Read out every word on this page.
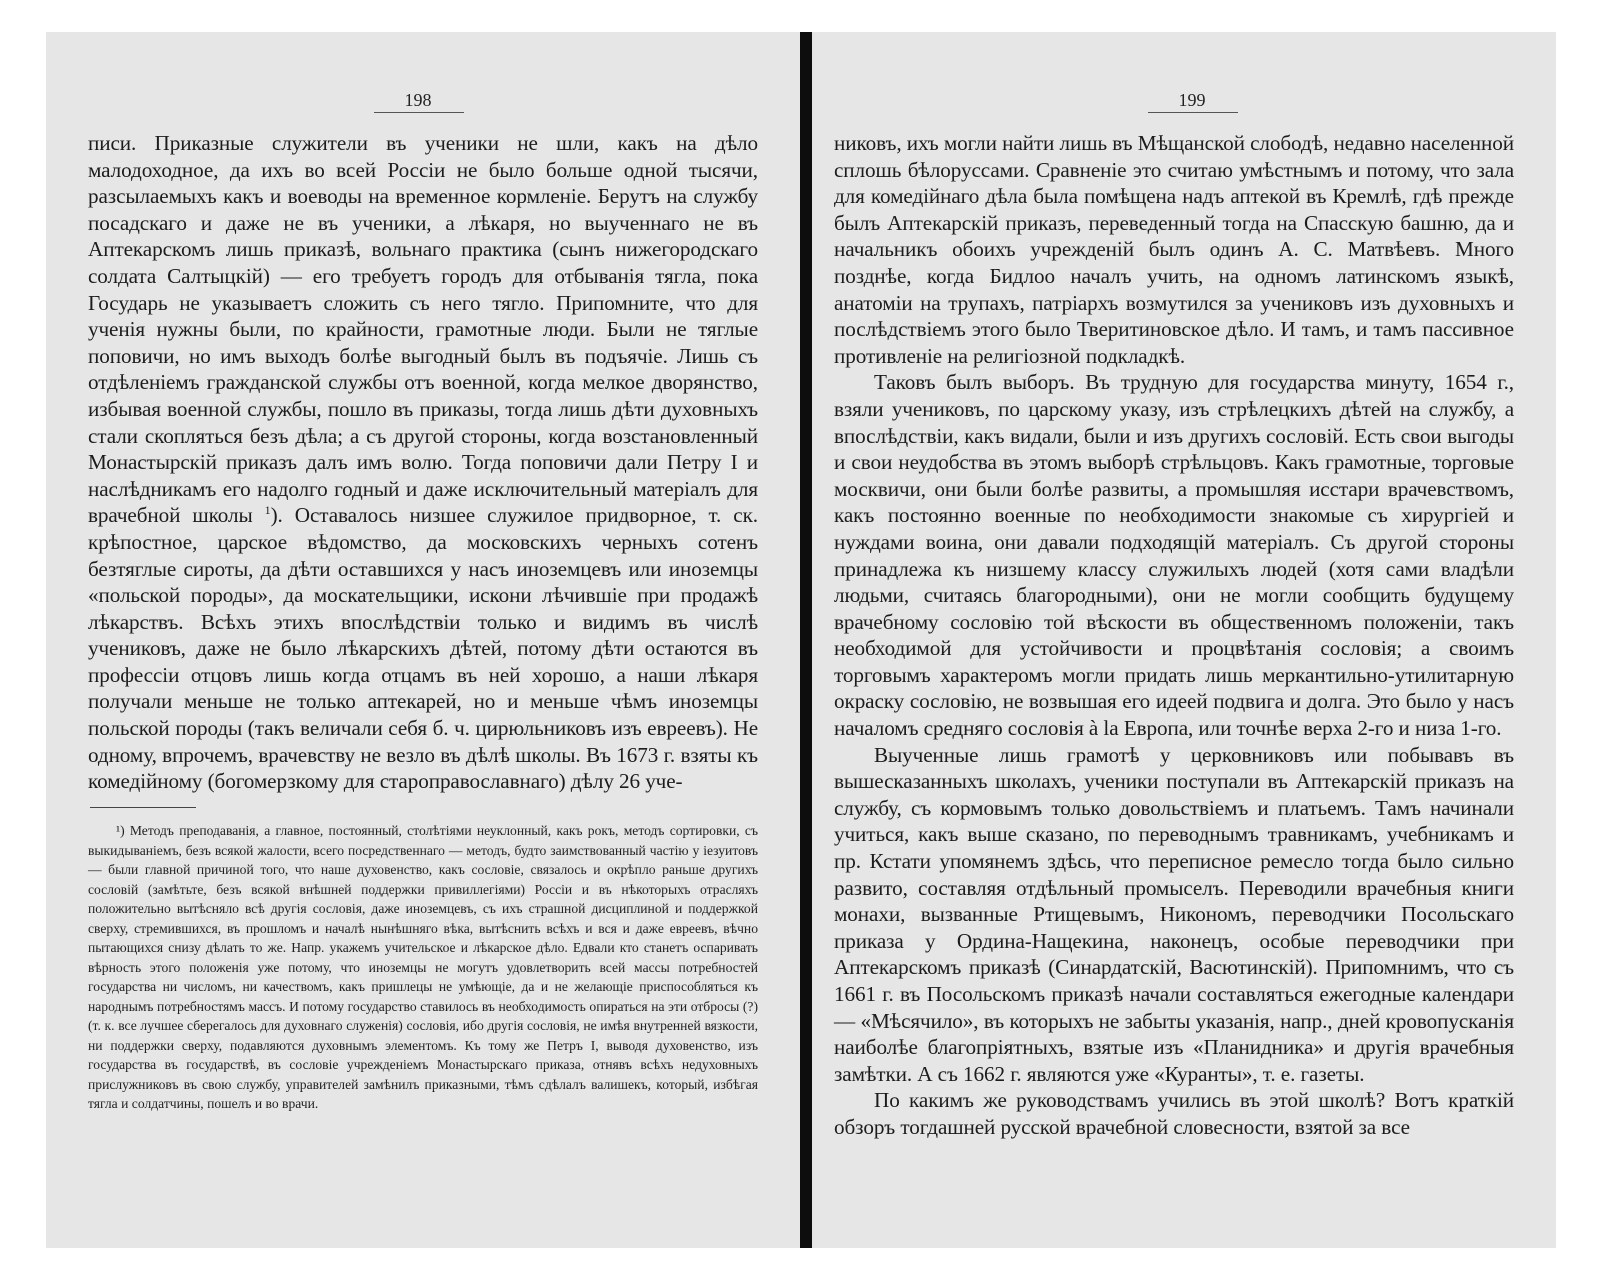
198

писи. Приказные служители въ ученики не шли, какъ на дѣло малодоходное, да ихъ во всей Россіи не было больше одной тысячи, разсылаемыхъ какъ и воеводы на временное кормленіе. Берутъ на службу посадскаго и даже не въ ученики, а лѣкаря, но выученнаго не въ Аптекарскомъ лишь приказѣ, вольнаго практика (сынъ нижегородскаго солдата Салтыцкій) — его требуетъ городъ для отбыванія тягла, пока Государь не указываетъ сложить съ него тягло. Припомните, что для ученія нужны были, по крайности, грамотные люди. Были не тяглые поповичи, но имъ выходъ болѣе выгодный былъ въ подъячіе. Лишь съ отдѣленіемъ гражданской службы отъ военной, когда мелкое дворянство, избывая военной службы, пошло въ приказы, тогда лишь дѣти духовныхъ стали скопляться безъ дѣла; а съ другой стороны, когда возстановленный Монастырскій приказъ далъ имъ волю. Тогда поповичи дали Петру I и наслѣдникамъ его надолго годный и даже исключительный матеріалъ для врачебной школы $^1$). Оставалось низшее служилое придворное, т. ск. крѣпостное, царское вѣдомство, да московскихъ черныхъ сотенъ безтяглые сироты, да дѣти оставшихся у насъ иноземцевъ или иноземцы «польской породы», да москательщики, искони лѣчившіе при продажѣ лѣкарствъ. Всѣхъ этихъ впослѣдствіи только и видимъ въ числѣ учениковъ, даже не было лѣкарскихъ дѣтей, потому дѣти остаются въ профессіи отцовъ лишь когда отцамъ въ ней хорошо, а наши лѣкаря получали меньше не только аптекарей, но и меньше чѣмъ иноземцы польской породы (такъ величали себя б. ч. цирюльниковъ изъ евреевъ). Не одному, впрочемъ, врачевству не везло въ дѣлѣ школы. Въ 1673 г. взяты къ комедійному (богомерзкому для староправославнаго) дѣлу 26 уче-

¹) Методъ преподаванія, а главное, постоянный, столѣтіями неуклонный, какъ рокъ, методъ сортировки, съ выкидываніемъ, безъ всякой жалости, всего посредственнаго — методъ, будто заимствованный частію у іезуитовъ — были главной причиной того, что наше духовенство, какъ сословіе, связалось и окрѣпло раньше другихъ сословій (замѣтьте, безъ всякой внѣшней поддержки привиллегіями) Россіи и въ нѣкоторыхъ отрасляхъ положительно вытѣсняло всѣ другія сословія, даже иноземцевъ, съ ихъ страшной дисциплиной и поддержкой сверху, стремившихся, въ прошломъ и началѣ нынѣшняго вѣка, вытѣснить всѣхъ и вся и даже евреевъ, вѣчно пытающихся снизу дѣлать то же. Напр. укажемъ учительское и лѣкарское дѣло. Едвали кто станетъ оспаривать вѣрность этого положенія уже потому, что иноземцы не могутъ удовлетворить всей массы потребностей государства ни числомъ, ни качествомъ, какъ пришлецы не умѣющіе, да и не желающіе приспособляться къ народнымъ потребностямъ массъ. И потому государство ставилось въ необходимость опираться на эти отбросы (?) (т. к. все лучшее сберегалось для духовнаго служенія) сословія, ибо другія сословія, не имѣя внутренней вязкости, ни поддержки сверху, подавляются духовнымъ элементомъ. Къ тому же Петръ I, выводя духовенство, изъ государства въ государствѣ, въ сословіе учрежденіемъ Монастырскаго приказа, отнявъ всѣхъ недуховныхъ прислужниковъ въ свою службу, управителей замѣнилъ приказными, тѣмъ сдѣлалъ валишекъ, который, избѣгая тягла и солдатчины, пошелъ и во врачи.

199

никовъ, ихъ могли найти лишь въ Мѣщанской слободѣ, недавно населенной сплошь бѣлоруссами. Сравненіе это считаю умѣстнымъ и потому, что зала для комедійнаго дѣла была помѣщена надъ аптекой въ Кремлѣ, гдѣ прежде былъ Аптекарскій приказъ, переведенный тогда на Спасскую башню, да и начальникъ обоихъ учрежденій былъ одинъ А. С. Матвѣевъ. Много позднѣе, когда Бидлоо началъ учить, на одномъ латинскомъ языкѣ, анатоміи на трупахъ, патріархъ возмутился за учениковъ изъ духовныхъ и послѣдствіемъ этого было Тверитиновское дѣло. И тамъ, и тамъ пассивное противленіе на религіозной подкладкѣ.

Таковъ былъ выборъ. Въ трудную для государства минуту, 1654 г., взяли учениковъ, по царскому указу, изъ стрѣлецкихъ дѣтей на службу, а впослѣдствіи, какъ видали, были и изъ другихъ сословій. Есть свои выгоды и свои неудобства въ этомъ выборѣ стрѣльцовъ. Какъ грамотные, торговые москвичи, они были болѣе развиты, а промышляя исстари врачевствомъ, какъ постоянно военные по необходимости знакомые съ хирургіей и нуждами воина, они давали подходящій матеріалъ. Съ другой стороны принадлежа къ низшему классу служилыхъ людей (хотя сами владѣли людьми, считаясь благородными), они не могли сообщить будущему врачебному сословію той вѣскости въ общественномъ положеніи, такъ необходимой для устойчивости и процвѣтанія сословія; а своимъ торговымъ характеромъ могли придать лишь меркантильно-утилитарную окраску сословію, не возвышая его идеей подвига и долга. Это было у насъ началомъ средняго сословія à la Европа, или точнѣе верха 2-го и низа 1-го.

Выученные лишь грамотѣ у церковниковъ или побывавъ въ вышесказанныхъ школахъ, ученики поступали въ Аптекарскій приказъ на службу, съ кормовымъ только довольствіемъ и платьемъ. Тамъ начинали учиться, какъ выше сказано, по переводнымъ травникамъ, учебникамъ и пр. Кстати упомянемъ здѣсь, что переписное ремесло тогда было сильно развито, составляя отдѣльный промыселъ. Переводили врачебныя книги монахи, вызванные Ртищевымъ, Никономъ, переводчики Посольскаго приказа у Ордина-Нащекина, наконецъ, особые переводчики при Аптекарскомъ приказѣ (Синардатскій, Васютинскій). Припомнимъ, что съ 1661 г. въ Посольскомъ приказѣ начали составляться ежегодные календари — «Мѣсячило», въ которыхъ не забыты указанія, напр., дней кровопусканія наиболѣе благопріятныхъ, взятые изъ «Планидника» и другія врачебныя замѣтки. А съ 1662 г. являются уже «Куранты», т. е. газеты.

По какимъ же руководствамъ учились въ этой школѣ? Вотъ краткій обзоръ тогдашней русской врачебной словесности, взятой за все
